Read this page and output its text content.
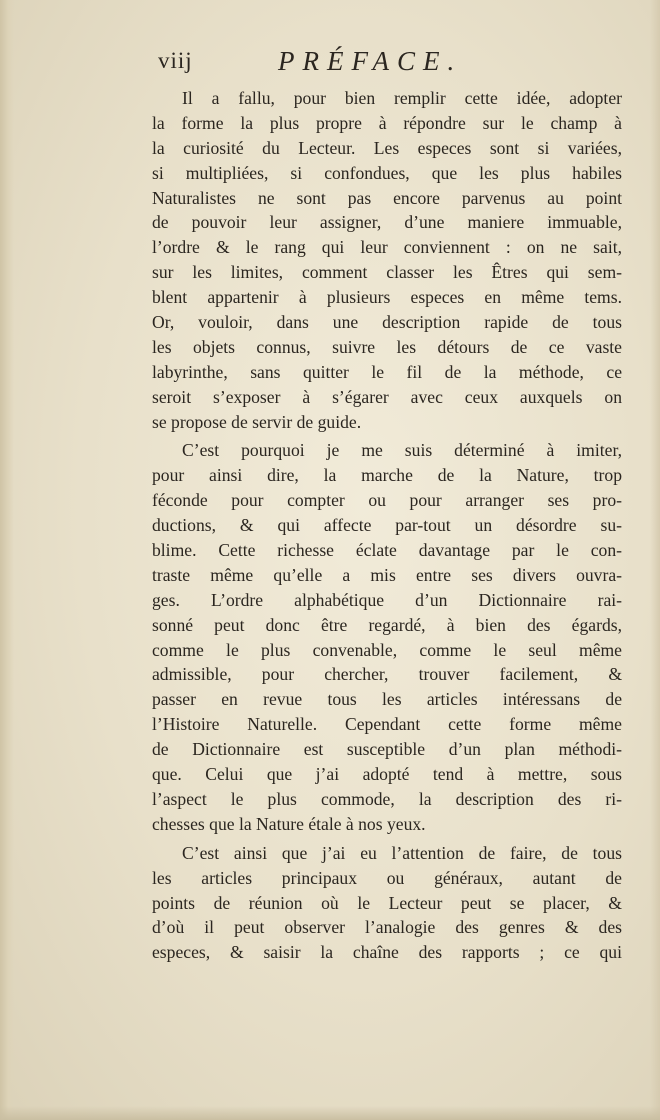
viij	PRÉFACE.
Il a fallu, pour bien remplir cette idée, adopter
la forme la plus propre à répondre sur le champ à
la curiosité du Lecteur. Les especes sont si variées,
si multipliées, si confondues, que les plus habiles
Naturalistes ne sont pas encore parvenus au point
de pouvoir leur assigner, d’une maniere immuable,
l’ordre & le rang qui leur conviennent : on ne sait,
sur les limites, comment classer les Êtres qui sem-
blent appartenir à plusieurs especes en même tems.
Or, vouloir, dans une description rapide de tous
les objets connus, suivre les détours de ce vaste
labyrinthe, sans quitter le fil de la méthode, ce
seroit s’exposer à s’égarer avec ceux auxquels on
se propose de servir de guide.
C’est pourquoi je me suis déterminé à imiter,
pour ainsi dire, la marche de la Nature, trop
féconde pour compter ou pour arranger ses pro-
ductions, & qui affecte par-tout un désordre su-
blime. Cette richesse éclate davantage par le con-
traste même qu’elle a mis entre ses divers ouvra-
ges. L’ordre alphabétique d’un Dictionnaire rai-
sonné peut donc être regardé, à bien des égards,
comme le plus convenable, comme le seul même
admissible, pour chercher, trouver facilement, &
passer en revue tous les articles intéressans de
l’Histoire Naturelle. Cependant cette forme même
de Dictionnaire est susceptible d’un plan méthodi-
que. Celui que j’ai adopté tend à mettre, sous
l’aspect le plus commode, la description des ri-
chesses que la Nature étale à nos yeux.
C’est ainsi que j’ai eu l’attention de faire, de tous
les articles principaux ou généraux, autant de
points de réunion où le Lecteur peut se placer, &
d’où il peut observer l’analogie des genres & des
especes, & saisir la chaîne des rapports ; ce qui
